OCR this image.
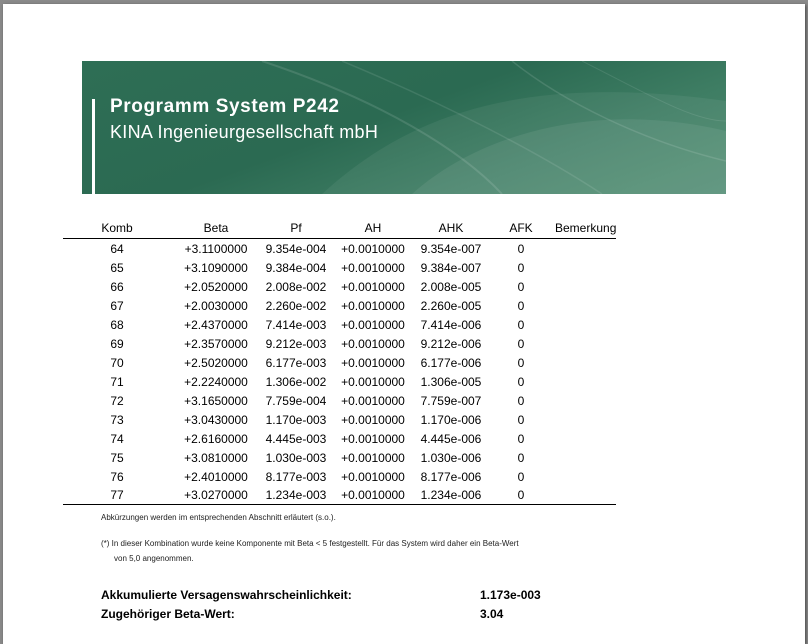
Programm System P242
KINA Ingenieurgesellschaft mbH
Komb	Beta	Pf	AH	AHK	AFK	Bemerkung
64	+3.1100000	9.354e-004	+0.0010000	9.354e-007	0	
65	+3.1090000	9.384e-004	+0.0010000	9.384e-007	0	
66	+2.0520000	2.008e-002	+0.0010000	2.008e-005	0	
67	+2.0030000	2.260e-002	+0.0010000	2.260e-005	0	
68	+2.4370000	7.414e-003	+0.0010000	7.414e-006	0	
69	+2.3570000	9.212e-003	+0.0010000	9.212e-006	0	
70	+2.5020000	6.177e-003	+0.0010000	6.177e-006	0	
71	+2.2240000	1.306e-002	+0.0010000	1.306e-005	0	
72	+3.1650000	7.759e-004	+0.0010000	7.759e-007	0	
73	+3.0430000	1.170e-003	+0.0010000	1.170e-006	0	
74	+2.6160000	4.445e-003	+0.0010000	4.445e-006	0	
75	+3.0810000	1.030e-003	+0.0010000	1.030e-006	0	
76	+2.4010000	8.177e-003	+0.0010000	8.177e-006	0	
77	+3.0270000	1.234e-003	+0.0010000	1.234e-006	0	
Abkürzungen werden im entsprechenden Abschnitt erläutert (s.o.).
(*) In dieser Kombination wurde keine Komponente mit Beta < 5 festgestellt. Für das System wird daher ein Beta-Wert
von 5,0 angenommen.
Akkumulierte Versagenswahrscheinlichkeit:	1.173e-003
Zugehöriger Beta-Wert:	3.04
